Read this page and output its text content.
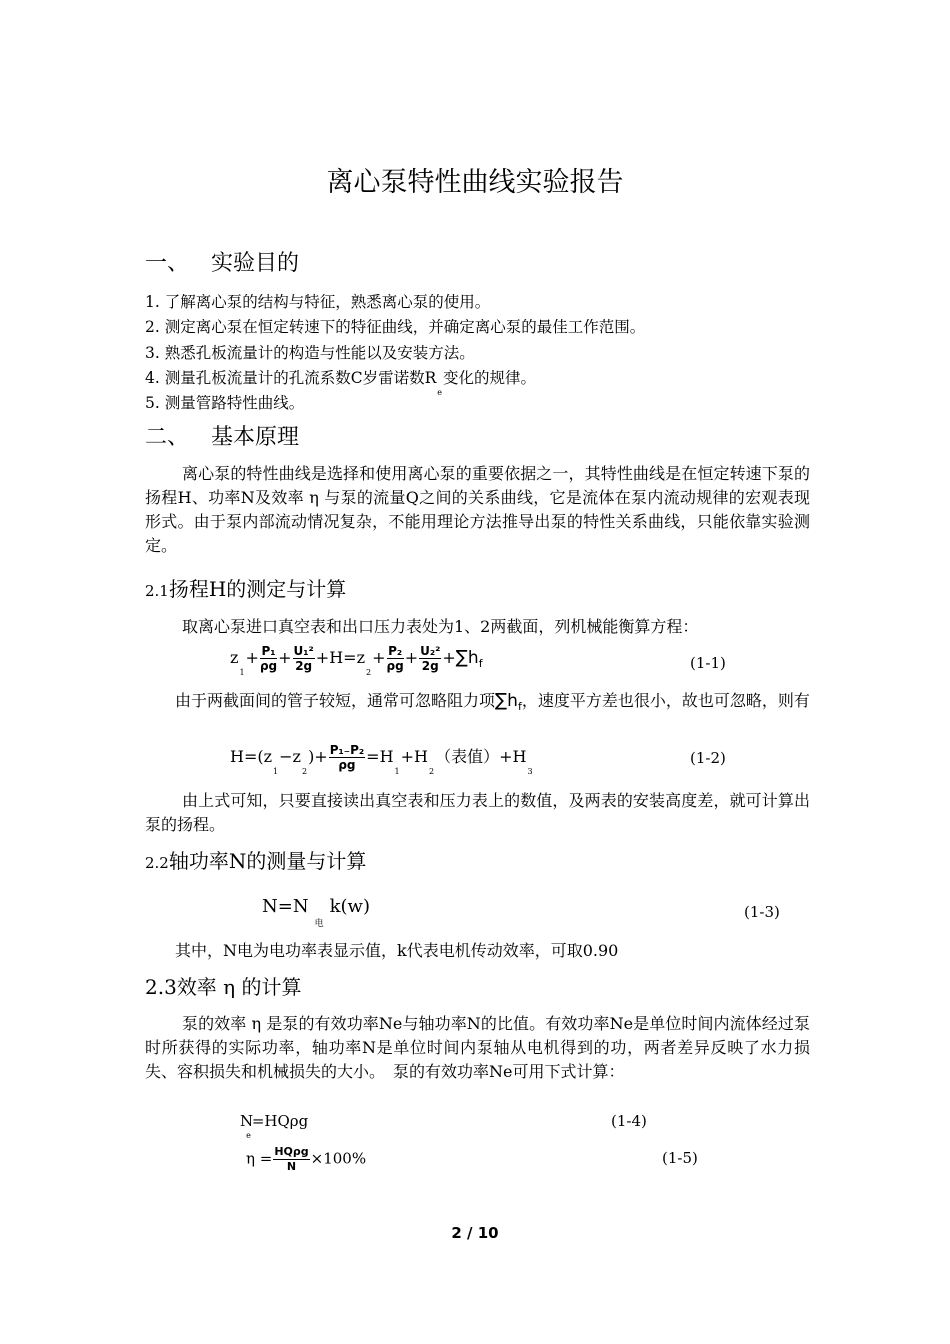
离心泵特性曲线实验报告
一、 实验目的
1. 了解离心泵的结构与特征，熟悉离心泵的使用。
2. 测定离心泵在恒定转速下的特征曲线，并确定离心泵的最佳工作范围。
3. 熟悉孔板流量计的构造与性能以及安装方法。
4. 测量孔板流量计的孔流系数C岁雷诺数Re变化的规律。
5. 测量管路特性曲线。
二、 基本原理
离心泵的特性曲线是选择和使用离心泵的重要依据之一，其特性曲线是在恒定转速下泵的扬程H、功率N及效率 η 与泵的流量Q之间的关系曲线，它是流体在泵内流动规律的宏观表现形式。由于泵内部流动情况复杂，不能用理论方法推导出泵的特性关系曲线，只能依靠实验测定。
2.1扬程H的测定与计算
取离心泵进口真空表和出口压力表处为1、2两截面，列机械能衡算方程：
$z1+ \frac{\text{P₁}}{\rho g} + \frac{\text{U₁²}}{2g} +H=z2+ \frac{\text{P₂}}{\rho g} + \frac{\text{U₂²}}{2g} +\sum h_f$	(1-1)
由于两截面间的管子较短，通常可忽略阻力项$\sum h_f$，速度平方差也很小，故也可忽略，则有
$H=(z1-z2)+ \frac{\text{P₁₋P₂}}{\rho g} =H1+H2$（表值）+H3
(1-2)
由上式可知，只要直接读出真空表和压力表上的数值，及两表的安装高度差，就可计算出泵的扬程。
2.2轴功率N的测量与计算
N=N电k(w)	(1-3)
其中，N电为电功率表显示值，k代表电机传动效率，可取0.90
2.3效率 η 的计算
泵的效率 η 是泵的有效功率Ne与轴功率N的比值。有效功率Ne是单位时间内流体经过泵时所获得的实际功率，轴功率N是单位时间内泵轴从电机得到的功，两者差异反映了水力损失、容积损失和机械损失的大小。　泵的有效功率Ne可用下式计算：
Ne=HQρg	(1-4)
$\eta = \frac{\text{HQρg}}{N} \times 100\%$	(1-5)
2 / 10
